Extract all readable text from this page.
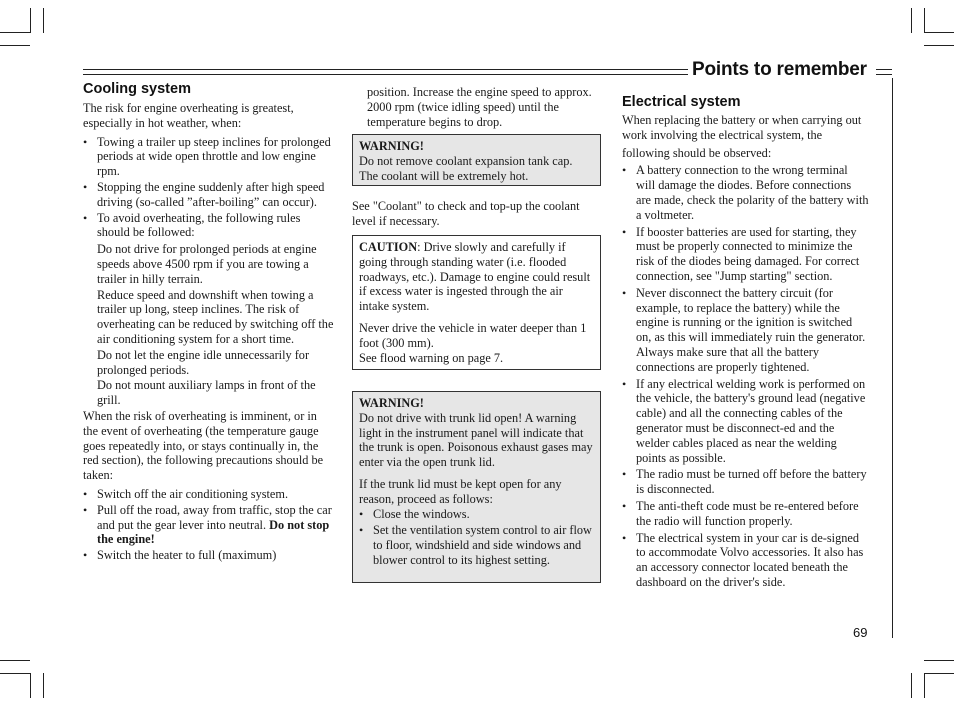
Points to remember

Cooling system

The risk for engine overheating is greatest, especially in hot weather, when:

• Towing a trailer up steep inclines for prolonged periods at wide open throttle and low engine rpm.

• Stopping the engine suddenly after high speed driving (so-called ”after-boiling” can occur).

• To avoid overheating, the following rules should be followed:

Do not drive for prolonged periods at engine speeds above 4500 rpm if you are towing a trailer in hilly terrain.

Reduce speed and downshift when towing a trailer up long, steep inclines. The risk of overheating can be reduced by switching off the air conditioning system for a short time.

Do not let the engine idle unnecessarily for prolonged periods.

Do not mount auxiliary lamps in front of the grill.

When the risk of overheating is imminent, or in the event of overheating (the temperature gauge goes repeatedly into, or stays continually in, the red section), the following precautions should be taken:

• Switch off the air conditioning system.

• Pull off the road, away from traffic, stop the car and put the gear lever into neutral. Do not stop the engine!

• Switch the heater to full (maximum)

position. Increase the engine speed to approx. 2000 rpm (twice idling speed) until the temperature begins to drop.

WARNING!

Do not remove coolant expansion tank cap. The coolant will be extremely hot.

See "Coolant" to check and top-up the coolant level if necessary.

CAUTION: Drive slowly and carefully if going through standing water (i.e. flooded roadways, etc.). Damage to engine could result if excess water is ingested through the air intake system.

Never drive the vehicle in water deeper than 1 foot (300 mm).

See flood warning on page 7.

WARNING!

Do not drive with trunk lid open! A warning light in the instrument panel will indicate that the trunk is open. Poisonous exhaust gases may enter via the open trunk lid.

If the trunk lid must be kept open for any reason, proceed as follows:

• Close the windows.

• Set the ventilation system control to air flow to floor, windshield and side windows and blower control to its highest setting.

Electrical system

When replacing the battery or when carrying out work involving the electrical system, the

following should be observed:

• A battery connection to the wrong terminal will damage the diodes. Before connections are made, check the polarity of the battery with a voltmeter.

• If booster batteries are used for starting, they must be properly connected to minimize the risk of the diodes being damaged. For correct connection, see "Jump starting" section.

• Never disconnect the battery circuit (for example, to replace the battery) while the engine is running or the ignition is switched on, as this will immediately ruin the generator. Always make sure that all the battery connections are properly tightened.

• If any electrical welding work is performed on the vehicle, the battery's ground lead (negative cable) and all the connecting cables of the generator must be disconnect-ed and the welder cables placed as near the welding points as possible.

• The radio must be turned off before the battery is disconnected.

• The anti-theft code must be re-entered before the radio will function properly.

• The electrical system in your car is de-signed to accommodate Volvo accessories. It also has an accessory connector located beneath the dashboard on the driver's side.

69
